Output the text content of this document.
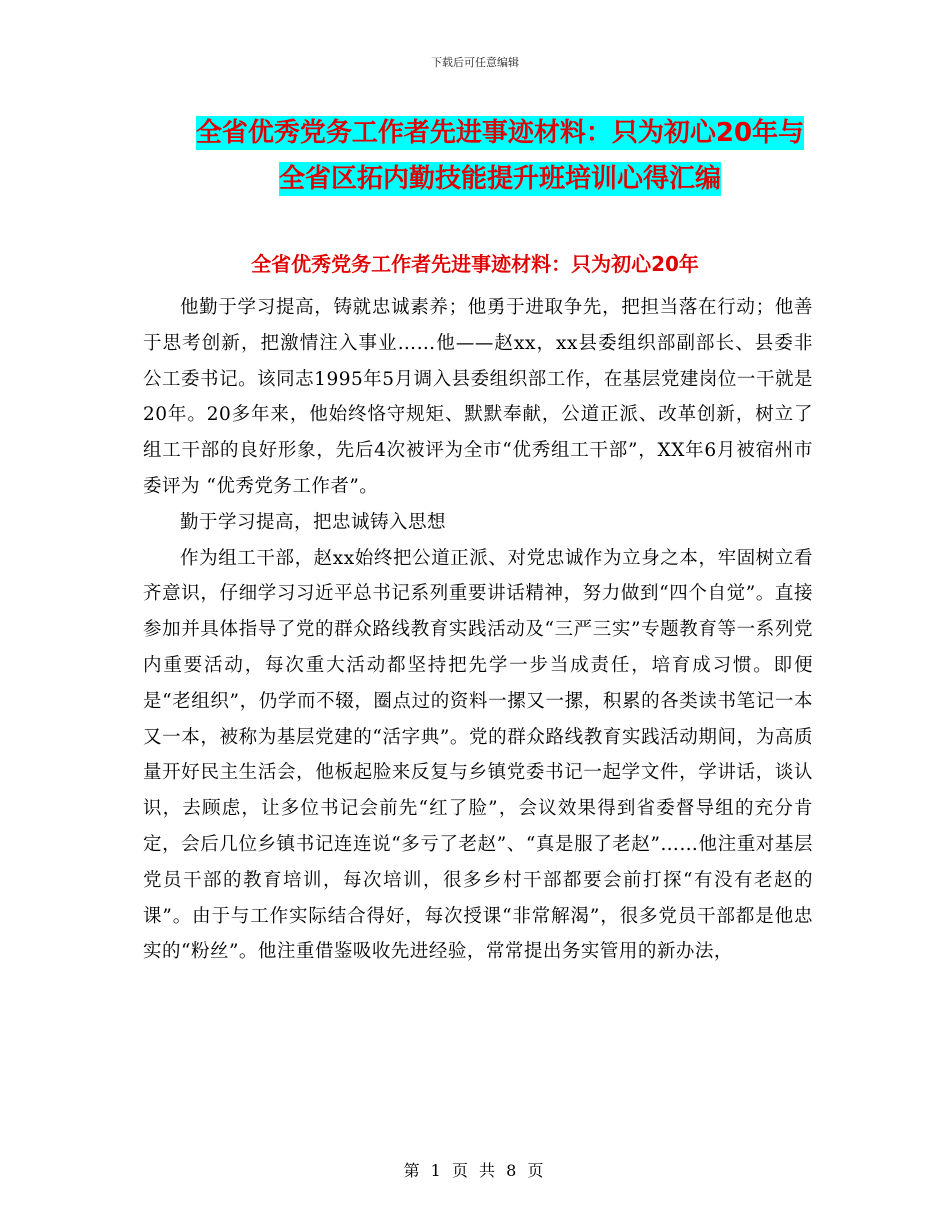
下载后可任意编辑
全省优秀党务工作者先进事迹材料：只为初心20年与
全省区拓内勤技能提升班培训心得汇编
全省优秀党务工作者先进事迹材料：只为初心20年

他勤于学习提高，铸就忠诚素养；他勇于进取争先，把担当落在行动；他善于思考创新，把激情注入事业……他——赵xx，xx县委组织部副部长、县委非公工委书记。该同志1995年5月调入县委组织部工作，在基层党建岗位一干就是20年。20多年来，他始终恪守规矩、默默奉献，公道正派、改革创新，树立了组工干部的良好形象，先后4次被评为全市“优秀组工干部”，XX年6月被宿州市委评为 “优秀党务工作者”。

勤于学习提高，把忠诚铸入思想

作为组工干部，赵xx始终把公道正派、对党忠诚作为立身之本，牢固树立看齐意识，仔细学习习近平总书记系列重要讲话精神，努力做到“四个自觉”。直接参加并具体指导了党的群众路线教育实践活动及“三严三实”专题教育等一系列党内重要活动，每次重大活动都坚持把先学一步当成责任，培育成习惯。即便是“老组织”，仍学而不辍，圈点过的资料一摞又一摞，积累的各类读书笔记一本又一本，被称为基层党建的“活字典”。党的群众路线教育实践活动期间，为高质量开好民主生活会，他板起脸来反复与乡镇党委书记一起学文件，学讲话，谈认识，去顾虑，让多位书记会前先“红了脸”，会议效果得到省委督导组的充分肯定，会后几位乡镇书记连连说“多亏了老赵”、“真是服了老赵”……他注重对基层党员干部的教育培训，每次培训，很多乡村干部都要会前打探“有没有老赵的课”。由于与工作实际结合得好，每次授课“非常解渴”，很多党员干部都是他忠实的“粉丝”。他注重借鉴吸收先进经验，常常提出务实管用的新办法，

第 1 页 共 8 页
